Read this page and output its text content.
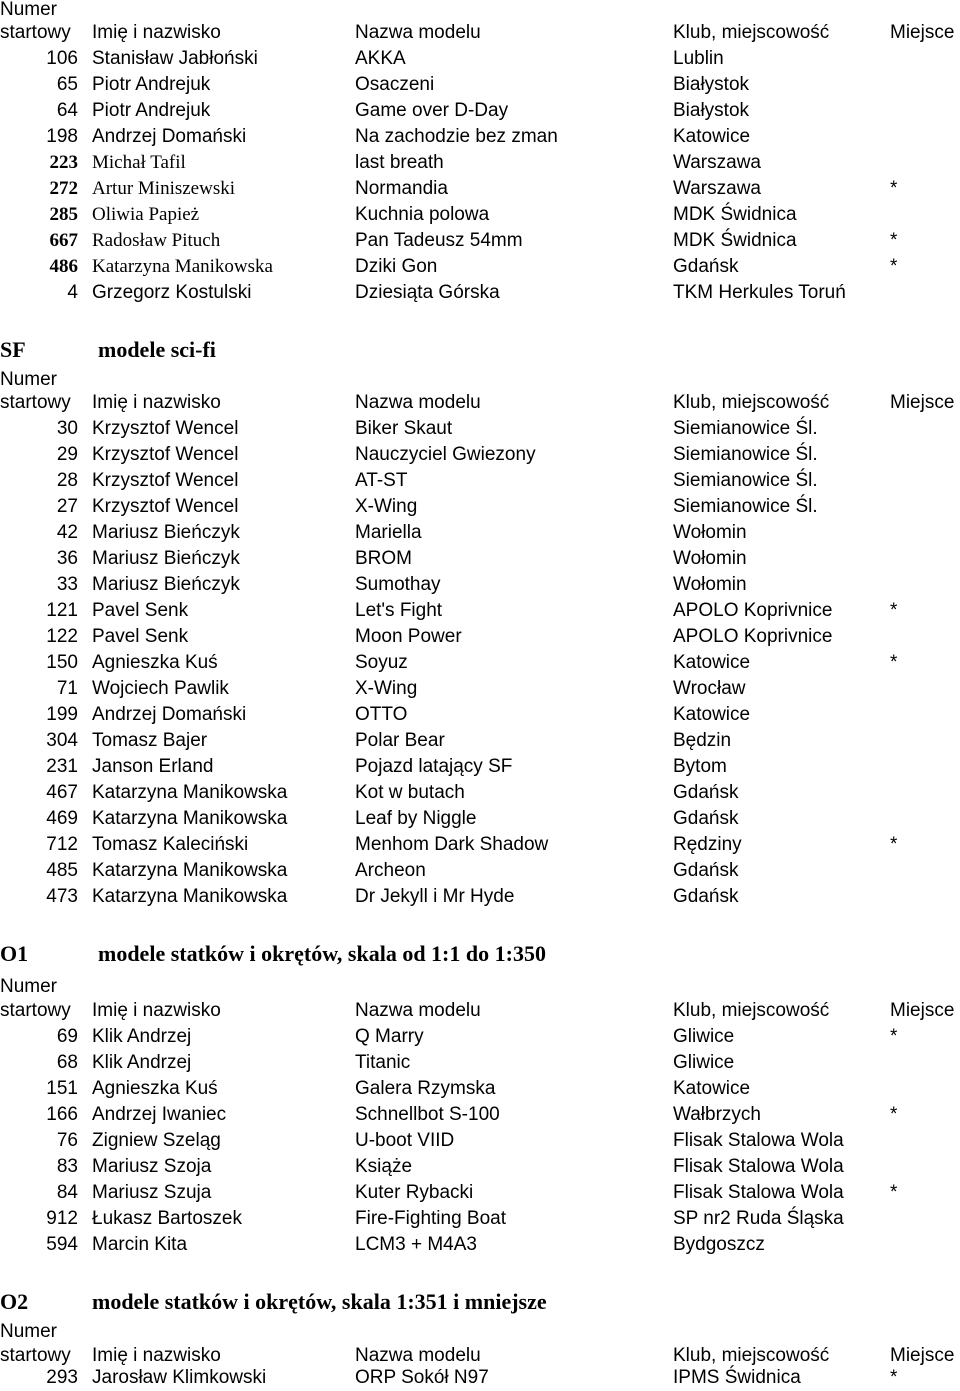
Numer
startowy Imię i nazwisko	Nazwa modelu	Klub, miejscowość	Miejsce
106 Stanisław Jabłoński	AKKA	Lublin
65 Piotr Andrejuk	Osaczeni	Białystok
64 Piotr Andrejuk	Game over D-Day	Białystok
198 Andrzej Domański	Na zachodzie bez zman	Katowice
223 Michał Tafil	last breath	Warszawa
272 Artur Miniszewski	Normandia	Warszawa	*
285 Oliwia Papież	Kuchnia polowa	MDK Świdnica
667 Radosław Pituch	Pan Tadeusz 54mm	MDK Świdnica	*
486 Katarzyna Manikowska	Dziki Gon	Gdańsk	*
4 Grzegorz Kostulski	Dziesiąta Górska	TKM Herkules Toruń
SF	modele sci-fi
Numer
startowy Imię i nazwisko	Nazwa modelu	Klub, miejscowość	Miejsce
30 Krzysztof Wencel	Biker Skaut	Siemianowice Śl.
29 Krzysztof Wencel	Nauczyciel Gwiezony	Siemianowice Śl.
28 Krzysztof Wencel	AT-ST	Siemianowice Śl.
27 Krzysztof Wencel	X-Wing	Siemianowice Śl.
42 Mariusz Bieńczyk	Mariella	Wołomin
36 Mariusz Bieńczyk	BROM	Wołomin
33 Mariusz Bieńczyk	Sumothay	Wołomin
121 Pavel Senk	Let's Fight	APOLO Koprivnice	*
122 Pavel Senk	Moon Power	APOLO Koprivnice
150 Agnieszka Kuś	Soyuz	Katowice	*
71 Wojciech Pawlik	X-Wing	Wrocław
199 Andrzej Domański	OTTO	Katowice
304 Tomasz Bajer	Polar Bear	Będzin
231 Janson Erland	Pojazd latający SF	Bytom
467 Katarzyna Manikowska	Kot w butach	Gdańsk
469 Katarzyna Manikowska	Leaf by Niggle	Gdańsk
712 Tomasz Kaleciński	Menhom Dark Shadow	Rędziny	*
485 Katarzyna Manikowska	Archeon	Gdańsk
473 Katarzyna Manikowska	Dr Jekyll i Mr Hyde	Gdańsk
O1	modele statków i okrętów, skala od 1:1 do 1:350
Numer
startowy Imię i nazwisko	Nazwa modelu	Klub, miejscowość	Miejsce
69 Klik Andrzej	Q Marry	Gliwice	*
68 Klik Andrzej	Titanic	Gliwice
151 Agnieszka Kuś	Galera Rzymska	Katowice
166 Andrzej Iwaniec	Schnellbot S-100	Wałbrzych	*
76 Zigniew Szeląg	U-boot VIID	Flisak Stalowa Wola
83 Mariusz Szoja	Książe	Flisak Stalowa Wola
84 Mariusz Szuja	Kuter Rybacki	Flisak Stalowa Wola *
912 Łukasz Bartoszek	Fire-Fighting Boat	SP nr2 Ruda Śląska
594 Marcin Kita	LCM3 + M4A3	Bydgoszcz
O2	modele statków i okrętów, skala 1:351 i mniejsze
Numer
startowy Imię i nazwisko	Nazwa modelu	Klub, miejscowość	Miejsce
293 Jarosław Klimkowski	ORP Sokół N97	IPMS Świdnica	*
